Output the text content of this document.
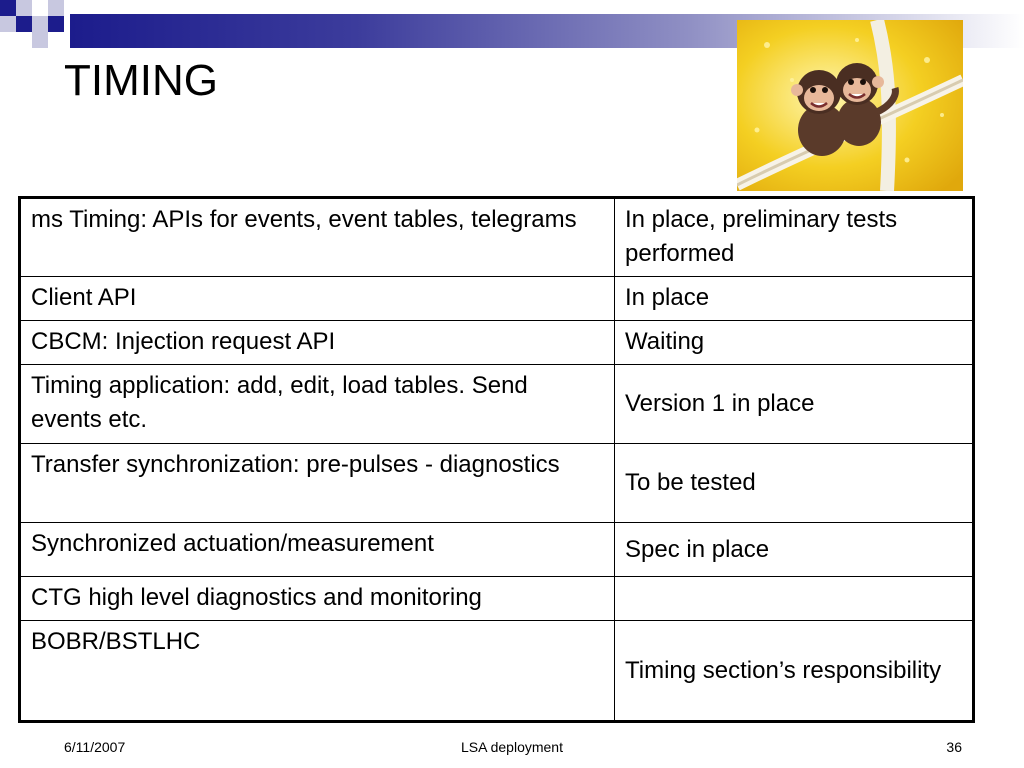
TIMING
ms Timing: APIs for events, event tables, telegrams	In place, preliminary tests performed
Client API	In place
CBCM: Injection request API	Waiting
Timing application: add, edit, load tables. Send events etc.	Version 1 in place
Transfer synchronization: pre-pulses - diagnostics	To be tested
Synchronized actuation/measurement	Spec in place
CTG high level diagnostics and monitoring	
BOBR/BSTLHC	Timing section’s responsibility
6/11/2007	LSA deployment	36
